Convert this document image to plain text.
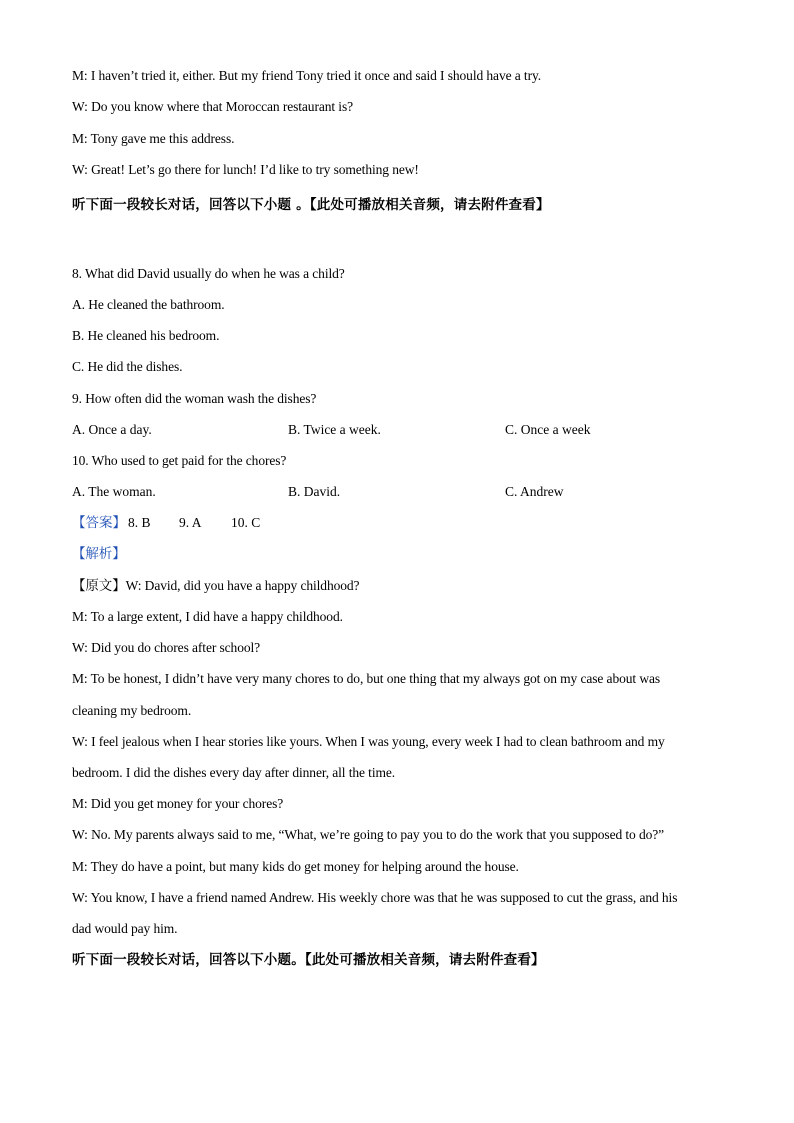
M: I haven’t tried it, either. But my friend Tony tried it once and said I should have a try.
W: Do you know where that Moroccan restaurant is?
M: Tony gave me this address.
W: Great! Let’s go there for lunch! I’d like to try something new!
听下面一段较长对话，回答以下小题 。【此处可播放相关音频，请去附件查看】
8. What did David usually do when he was a child?
A. He cleaned the bathroom.
B. He cleaned his bedroom.
C. He did the dishes.
9. How often did the woman wash the dishes?
A. Once a day.	B. Twice a week.	C. Once a week
10. Who used to get paid for the chores?
A. The woman.	B. David.	C. Andrew
【答案】 8. B 9. A 10. C
【解析】
【原文】W: David, did you have a happy childhood?
M: To a large extent, I did have a happy childhood.
W: Did you do chores after school?
M: To be honest, I didn’t have very many chores to do, but one thing that my always got on my case about was
cleaning my bedroom.
W: I feel jealous when I hear stories like yours. When I was young, every week I had to clean bathroom and my
bedroom. I did the dishes every day after dinner, all the time.
M: Did you get money for your chores?
W: No. My parents always said to me, “What, we’re going to pay you to do the work that you supposed to do?”
M: They do have a point, but many kids do get money for helping around the house.
W: You know, I have a friend named Andrew. His weekly chore was that he was supposed to cut the grass, and his
dad would pay him.
听下面一段较长对话，回答以下小题。【此处可播放相关音频，请去附件查看】
